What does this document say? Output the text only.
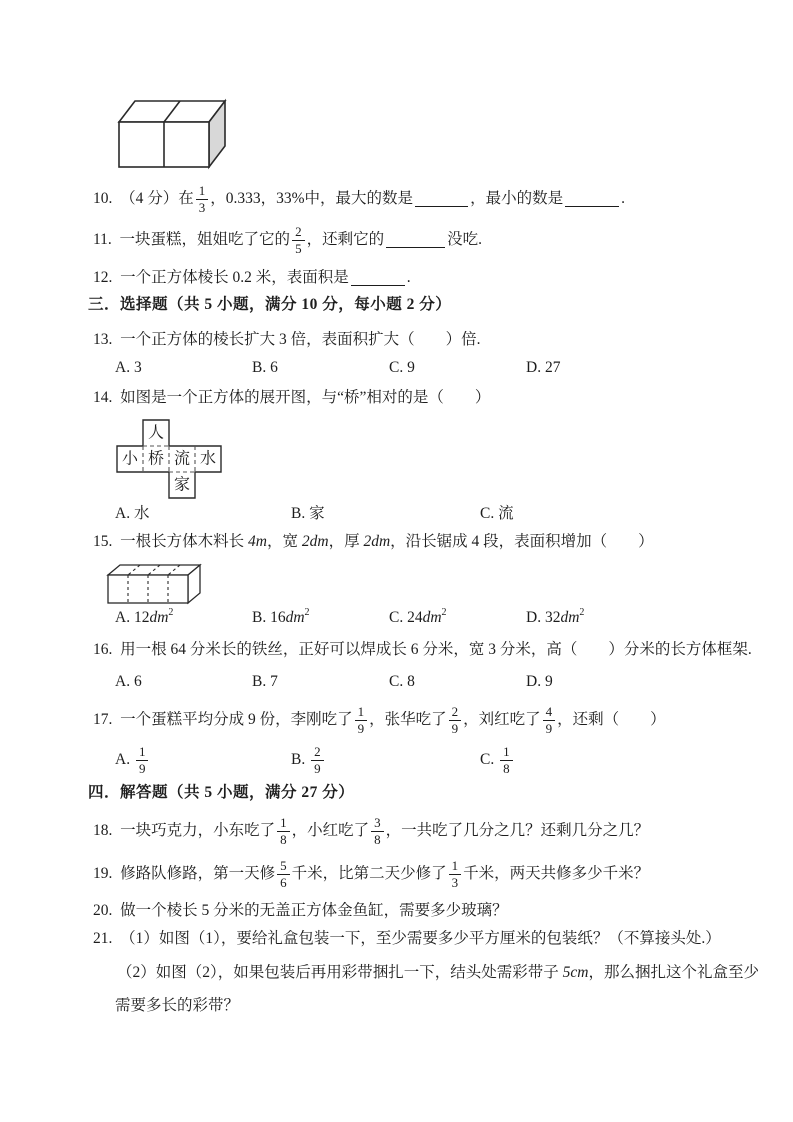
10.  （4 分）在 $\frac{1}{3}$ ，0.333，33%中，最大的数是	，最小的数是	.
11.  一块蛋糕，姐姐吃了它的 $\frac{2}{5}$ ，还剩它的	没吃.
12.  一个正方体棱长 0.2 米，表面积是	.
三．选择题（共 5 小题，满分 10 分，每小题 2 分）
13.  一个正方体的棱长扩大 3 倍，表面积扩大（　　）倍.
A. 3	B. 6	C. 9	D. 27
14.  如图是一个正方体的展开图，与“桥”相对的是（　　）
人
小 桥 流 水
家
A. 水	B. 家	C. 流
15.  一根长方体木料长 4m ，宽 2dm ，厚 2dm ，沿长锯成 4 段，表面积增加（　　）
A. 12 $dm^2$	B. 16 $dm^2$	C. 24 $dm^2$	D. 32 $dm^2$
16.  用一根 64 分米长的铁丝，正好可以焊成长 6 分米，宽 3 分米，高（　　）分米的长方体框架.
A. 6	B. 7	C. 8	D. 9
17.  一个蛋糕平均分成 9 份，李刚吃了 $\frac{1}{9}$ ，张华吃了 $\frac{2}{9}$ ，刘红吃了 $\frac{4}{9}$ ，还剩（　　）
A. $\frac{1}{9}$	B. $\frac{2}{9}$	C. $\frac{1}{8}$
四．解答题（共 5 小题，满分 27 分）
18.  一块巧克力，小东吃了 $\frac{1}{8}$ ，小红吃了 $\frac{3}{8}$ ，一共吃了几分之几？还剩几分之几？
19.  修路队修路，第一天修 $\frac{5}{6}$ 千米，比第二天少修了 $\frac{1}{3}$ 千米，两天共修多少千米？
20.  做一个棱长 5 分米的无盖正方体金鱼缸，需要多少玻璃？
21.  （1）如图（1），要给礼盒包装一下，至少需要多少平方厘米的包装纸？（不算接头处.）
（2）如图（2），如果包装后再用彩带捆扎一下，结头处需彩带子 5cm ，那么捆扎这个礼盒至少
需要多长的彩带？
